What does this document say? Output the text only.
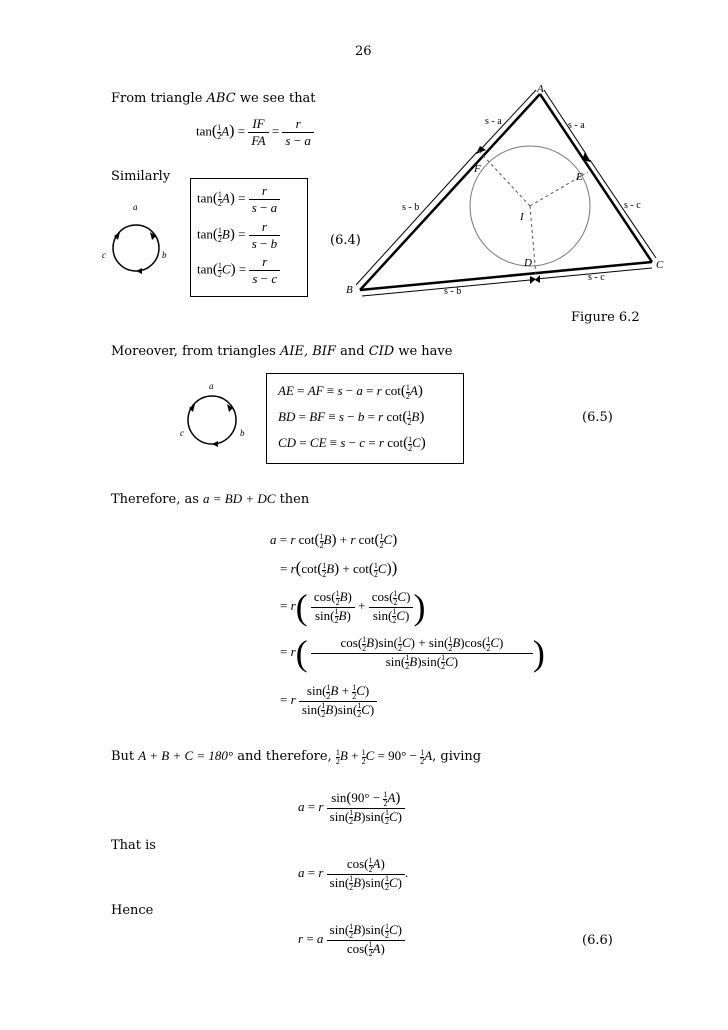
26
From triangle ABC we see that
$\tan( \frac{1}{2} A) = \frac{IF}{FA} = \frac{r}{s - a}$
Similarly
$\tan( \frac{1}{2} A) = \frac{r}{s - a}$
$\tan( \frac{1}{2} B) = \frac{r}{s - b}$
$\tan( \frac{1}{2} C) = \frac{r}{s - c}$
(6.4)
a
c	b
A
B
C
D
E
F
I
s - a	s - a
s - b
s - b
s - c
s - c
Figure 6.2
Moreover, from triangles AIE, BIF and CID we have
a
c	b
AE = AF ≡ s − a = r $\cot( \frac{1}{2} A)$
BD = BF ≡ s − b = r $\cot( \frac{1}{2} B)$
CD = CE ≡ s − c = r $\cot( \frac{1}{2} C)$
(6.5)
Therefore, as a = BD + DC then
a = r $\cot( \frac{1}{2} B) + r$ $\cot( \frac{1}{2} C)$
= $r(\cot( \frac{1}{2} B) + \cot( \frac{1}{2} C))$
= $r( \frac{\cos( \frac{1}{2} B)}{\sin( \frac{1}{2} B)} + \frac{\cos( \frac{1}{2} C)}{\sin( \frac{1}{2} C)}$ )
= $r( \frac{\cos( \frac{1}{2} B)\sin( \frac{1}{2} C) + \sin( \frac{1}{2} B)\cos( \frac{1}{2} C)}{\sin( \frac{1}{2} B)\sin( \frac{1}{2} C)}$ )
= r $\frac{\sin( \frac{1}{2} B + \frac{1}{2} C)}{\sin( \frac{1}{2} B)\sin( \frac{1}{2} C)}$
But A + B + C = 180° and therefore, $\frac{1}{2}$ $B + \frac{1}{2}$ $C = 90^\circ - \frac{1}{2} A$, giving
a = r $\frac{\sin(90^\circ - \frac{1}{2} A)}{\sin( \frac{1}{2} B)\sin( \frac{1}{2} C)}$
That is
a = r $\frac{\cos( \frac{1}{2} A)}{\sin( \frac{1}{2} B)\sin( \frac{1}{2} C)}$ .
Hence
r = a $\frac{\sin( \frac{1}{2} B)\sin( \frac{1}{2} C)}{\cos( \frac{1}{2} A)}$	(6.6)
